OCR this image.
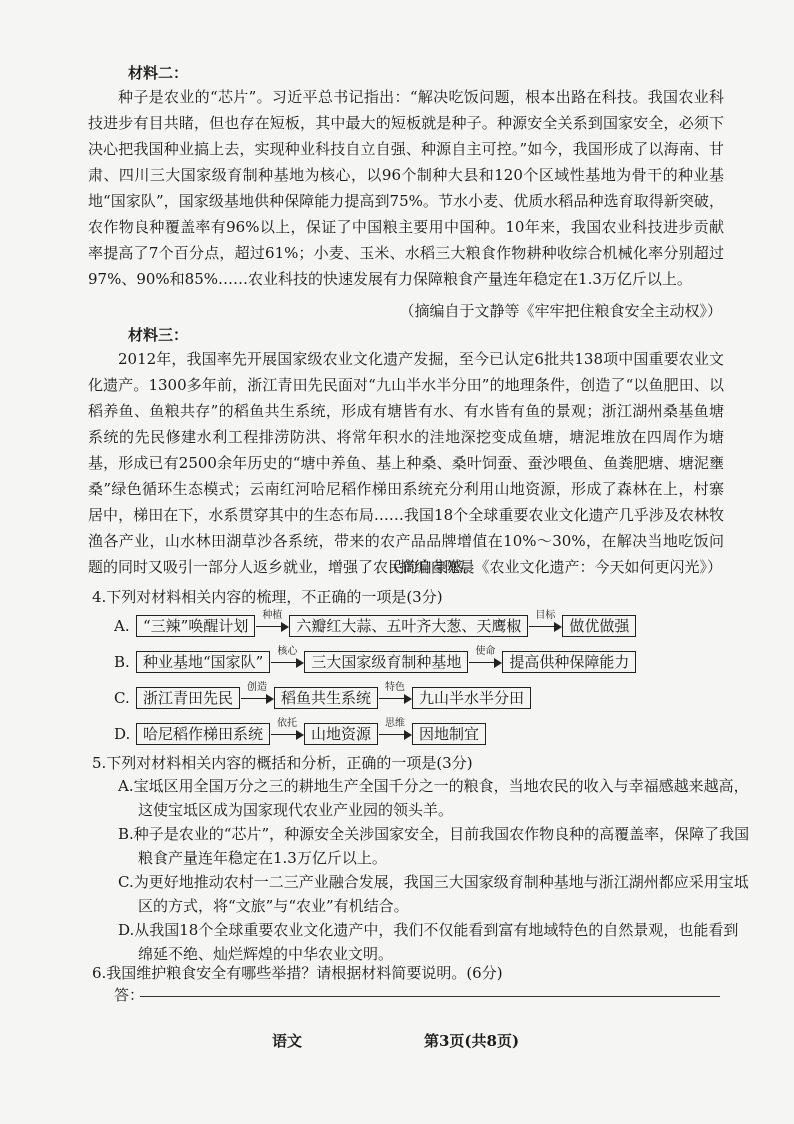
材料二：

种子是农业的“芯片”。习近平总书记指出：“解决吃饭问题，根本出路在科技。我国农业科技进步有目共睹，但也存在短板，其中最大的短板就是种子。种源安全关系到国家安全，必须下决心把我国种业搞上去，实现种业科技自立自强、种源自主可控。”如今，我国形成了以海南、甘肃、四川三大国家级育制种基地为核心，以96个制种大县和120个区域性基地为骨干的种业基地“国家队”，国家级基地供种保障能力提高到75%。节水小麦、优质水稻品种选育取得新突破，农作物良种覆盖率有96%以上，保证了中国粮主要用中国种。10年来，我国农业科技进步贡献率提高了7个百分点，超过61%；小麦、玉米、水稻三大粮食作物耕种收综合机械化率分别超过97%、90%和85%……农业科技的快速发展有力保障粮食产量连年稳定在1.3万亿斤以上。

（摘编自于文静等《牢牢把住粮食安全主动权》）
材料三：

2012年，我国率先开展国家级农业文化遗产发掘，至今已认定6批共138项中国重要农业文化遗产。1300多年前，浙江青田先民面对“九山半水半分田”的地理条件，创造了“以鱼肥田、以稻养鱼、鱼粮共存”的稻鱼共生系统，形成有塘皆有水、有水皆有鱼的景观；浙江湖州桑基鱼塘系统的先民修建水利工程排涝防洪、将常年积水的洼地深挖变成鱼塘，塘泥堆放在四周作为塘基，形成已有2500余年历史的“塘中养鱼、基上种桑、桑叶饲蚕、蚕沙喂鱼、鱼粪肥塘、塘泥壅桑”绿色循环生态模式；云南红河哈尼稻作梯田系统充分利用山地资源，形成了森林在上，村寨居中，梯田在下，水系贯穿其中的生态布局……我国18个全球重要农业文化遗产几乎涉及农林牧渔各产业，山水林田湖草沙各系统，带来的农产品品牌增值在10%～30%，在解决当地吃饭问题的同时又吸引一部分人返乡就业，增强了农民的自豪感。

（摘编自陈晨《农业文化遗产：今天如何更闪光》）
4.下列对材料相关内容的梳理，不正确的一项是(3分)
A. “三辣”唤醒计划
种植
六瓣红大蒜、五叶齐大葱、天鹰椒
目标
做优做强
B. 种业基地“国家队”
核心
三大国家级育制种基地
使命
提高供种保障能力
C. 浙江青田先民
创造
稻鱼共生系统
特色
九山半水半分田
D. 哈尼稻作梯田系统
依托
山地资源
思维
因地制宜
5.下列对材料相关内容的概括和分析，正确的一项是(3分)

A.宝坻区用全国万分之三的耕地生产全国千分之一的粮食，当地农民的收入与幸福感越来越高，这使宝坻区成为国家现代农业产业园的领头羊。

B.种子是农业的“芯片”，种源安全关涉国家安全，目前我国农作物良种的高覆盖率，保障了我国粮食产量连年稳定在1.3万亿斤以上。

C.为更好地推动农村一二三产业融合发展，我国三大国家级育制种基地与浙江湖州都应采用宝坻区的方式，将“文旅”与“农业”有机结合。

D.从我国18个全球重要农业文化遗产中，我们不仅能看到富有地域特色的自然景观，也能看到绵延不绝、灿烂辉煌的中华农业文明。

6.我国维护粮食安全有哪些举措？请根据材料简要说明。(6分)
答：
语文	第3页(共8页)
